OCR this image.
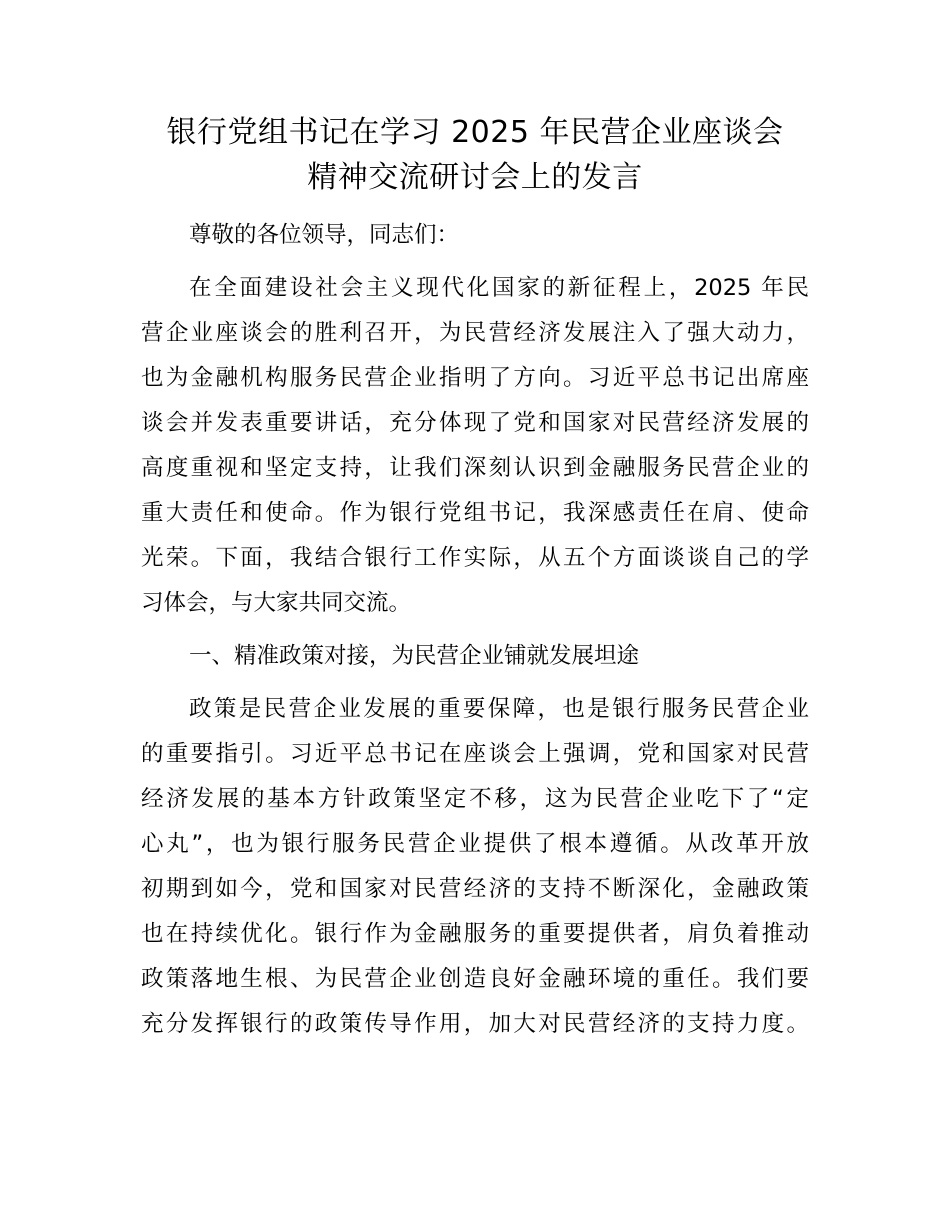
银行党组书记在学习 2025 年民营企业座谈会
精神交流研讨会上的发言
尊敬的各位领导，同志们：
在全面建设社会主义现代化国家的新征程上，2025 年民
营企业座谈会的胜利召开，为民营经济发展注入了强大动力，
也为金融机构服务民营企业指明了方向。习近平总书记出席座
谈会并发表重要讲话，充分体现了党和国家对民营经济发展的
高度重视和坚定支持，让我们深刻认识到金融服务民营企业的
重大责任和使命。作为银行党组书记，我深感责任在肩、使命
光荣。下面，我结合银行工作实际，从五个方面谈谈自己的学
习体会，与大家共同交流。
一、精准政策对接，为民营企业铺就发展坦途
政策是民营企业发展的重要保障，也是银行服务民营企业
的重要指引。习近平总书记在座谈会上强调，党和国家对民营
经济发展的基本方针政策坚定不移，这为民营企业吃下了“定
心丸”，也为银行服务民营企业提供了根本遵循。从改革开放
初期到如今，党和国家对民营经济的支持不断深化，金融政策
也在持续优化。银行作为金融服务的重要提供者，肩负着推动
政策落地生根、为民营企业创造良好金融环境的重任。我们要
充分发挥银行的政策传导作用，加大对民营经济的支持力度。
